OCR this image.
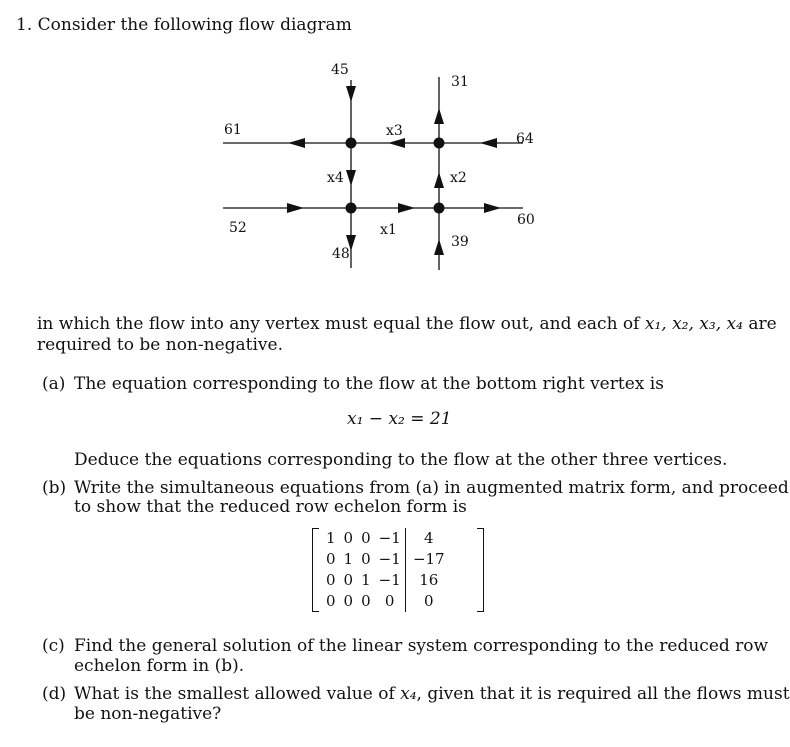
1. Consider the following flow diagram
45
31
61	x3	64
x4	x2
60
52	x1
39
48
in which the flow into any vertex must equal the flow out, and each of x₁, x₂, x₃, x₄ are
required to be non-negative.
(a) The equation corresponding to the flow at the bottom right vertex is
x₁ − x₂ = 21
Deduce the equations corresponding to the flow at the other three vertices.
(b) Write the simultaneous equations from (a) in augmented matrix form, and proceed
to show that the reduced row echelon form is
1	0	0	−1	4
0	1	0	−1	−17
0	0	1	−1	16
0	0	0	0	0
(c) Find the general solution of the linear system corresponding to the reduced row
echelon form in (b).
(d) What is the smallest allowed value of x₄, given that it is required all the flows must
be non-negative?
